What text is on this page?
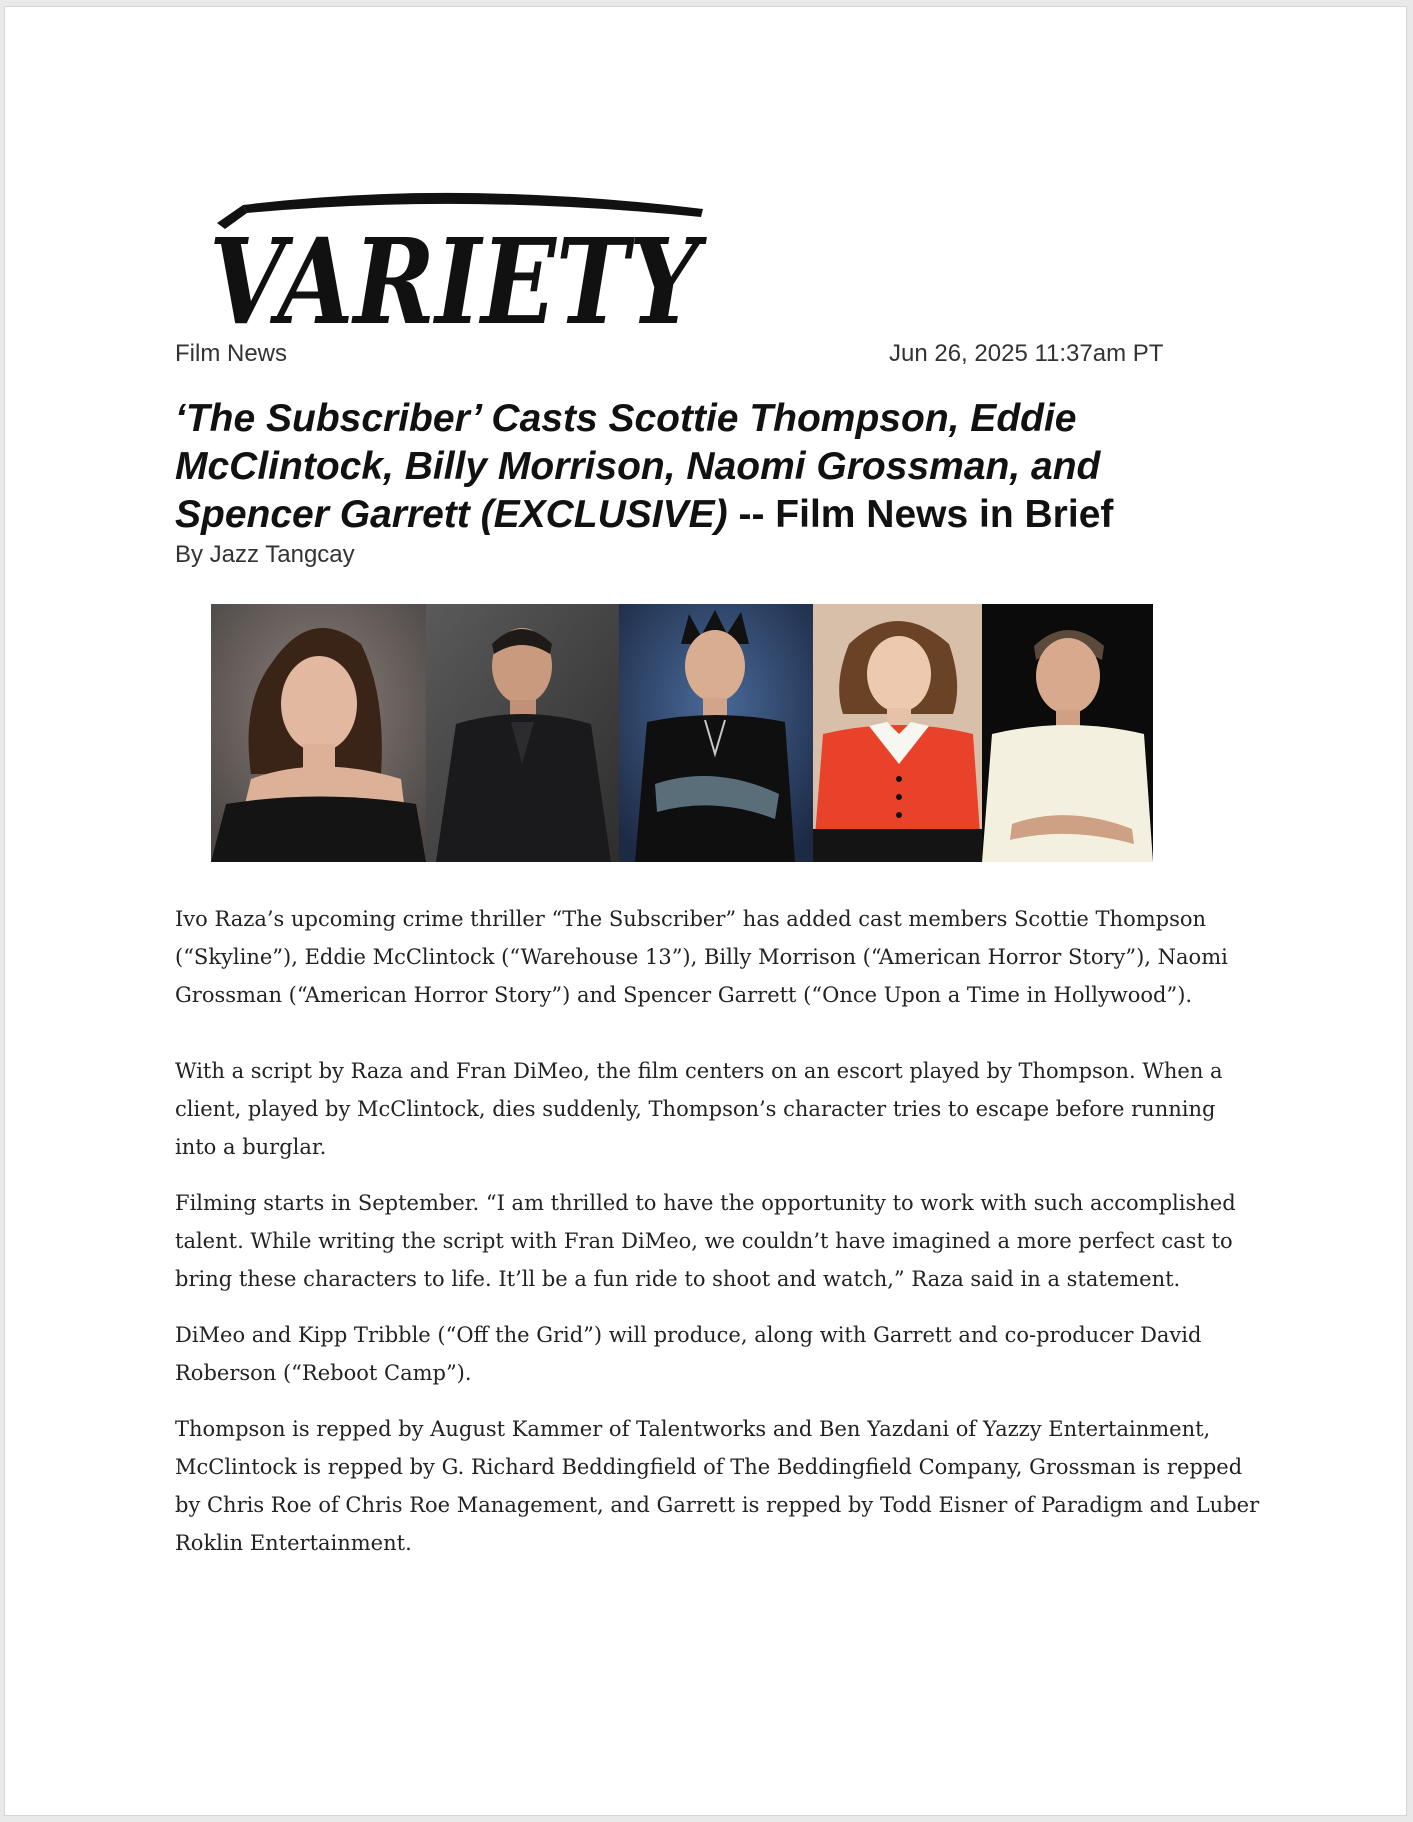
VARIETY
Film News	Jun 26, 2025 11:37am PT
‘The Subscriber’ Casts Scottie Thompson, Eddie McClintock, Billy Morrison, Naomi Grossman, and Spencer Garrett (EXCLUSIVE) -- Film News in Brief
By Jazz Tangcay

Ivo Raza’s upcoming crime thriller “The Subscriber” has added cast members Scottie Thompson (“Skyline”), Eddie McClintock (“Warehouse 13”), Billy Morrison (“American Horror Story”), Naomi Grossman (“American Horror Story”) and Spencer Garrett (“Once Upon a Time in Hollywood”).

With a script by Raza and Fran DiMeo, the film centers on an escort played by Thompson. When a client, played by McClintock, dies suddenly, Thompson’s character tries to escape before running into a burglar.

Filming starts in September. “I am thrilled to have the opportunity to work with such accomplished talent. While writing the script with Fran DiMeo, we couldn’t have imagined a more perfect cast to bring these characters to life. It’ll be a fun ride to shoot and watch,” Raza said in a statement.

DiMeo and Kipp Tribble (“Off the Grid”) will produce, along with Garrett and co-producer David Roberson (“Reboot Camp”).

Thompson is repped by August Kammer of Talentworks and Ben Yazdani of Yazzy Entertainment, McClintock is repped by G. Richard Beddingfield of The Beddingfield Company, Grossman is repped by Chris Roe of Chris Roe Management, and Garrett is repped by Todd Eisner of Paradigm and Luber Roklin Entertainment.
